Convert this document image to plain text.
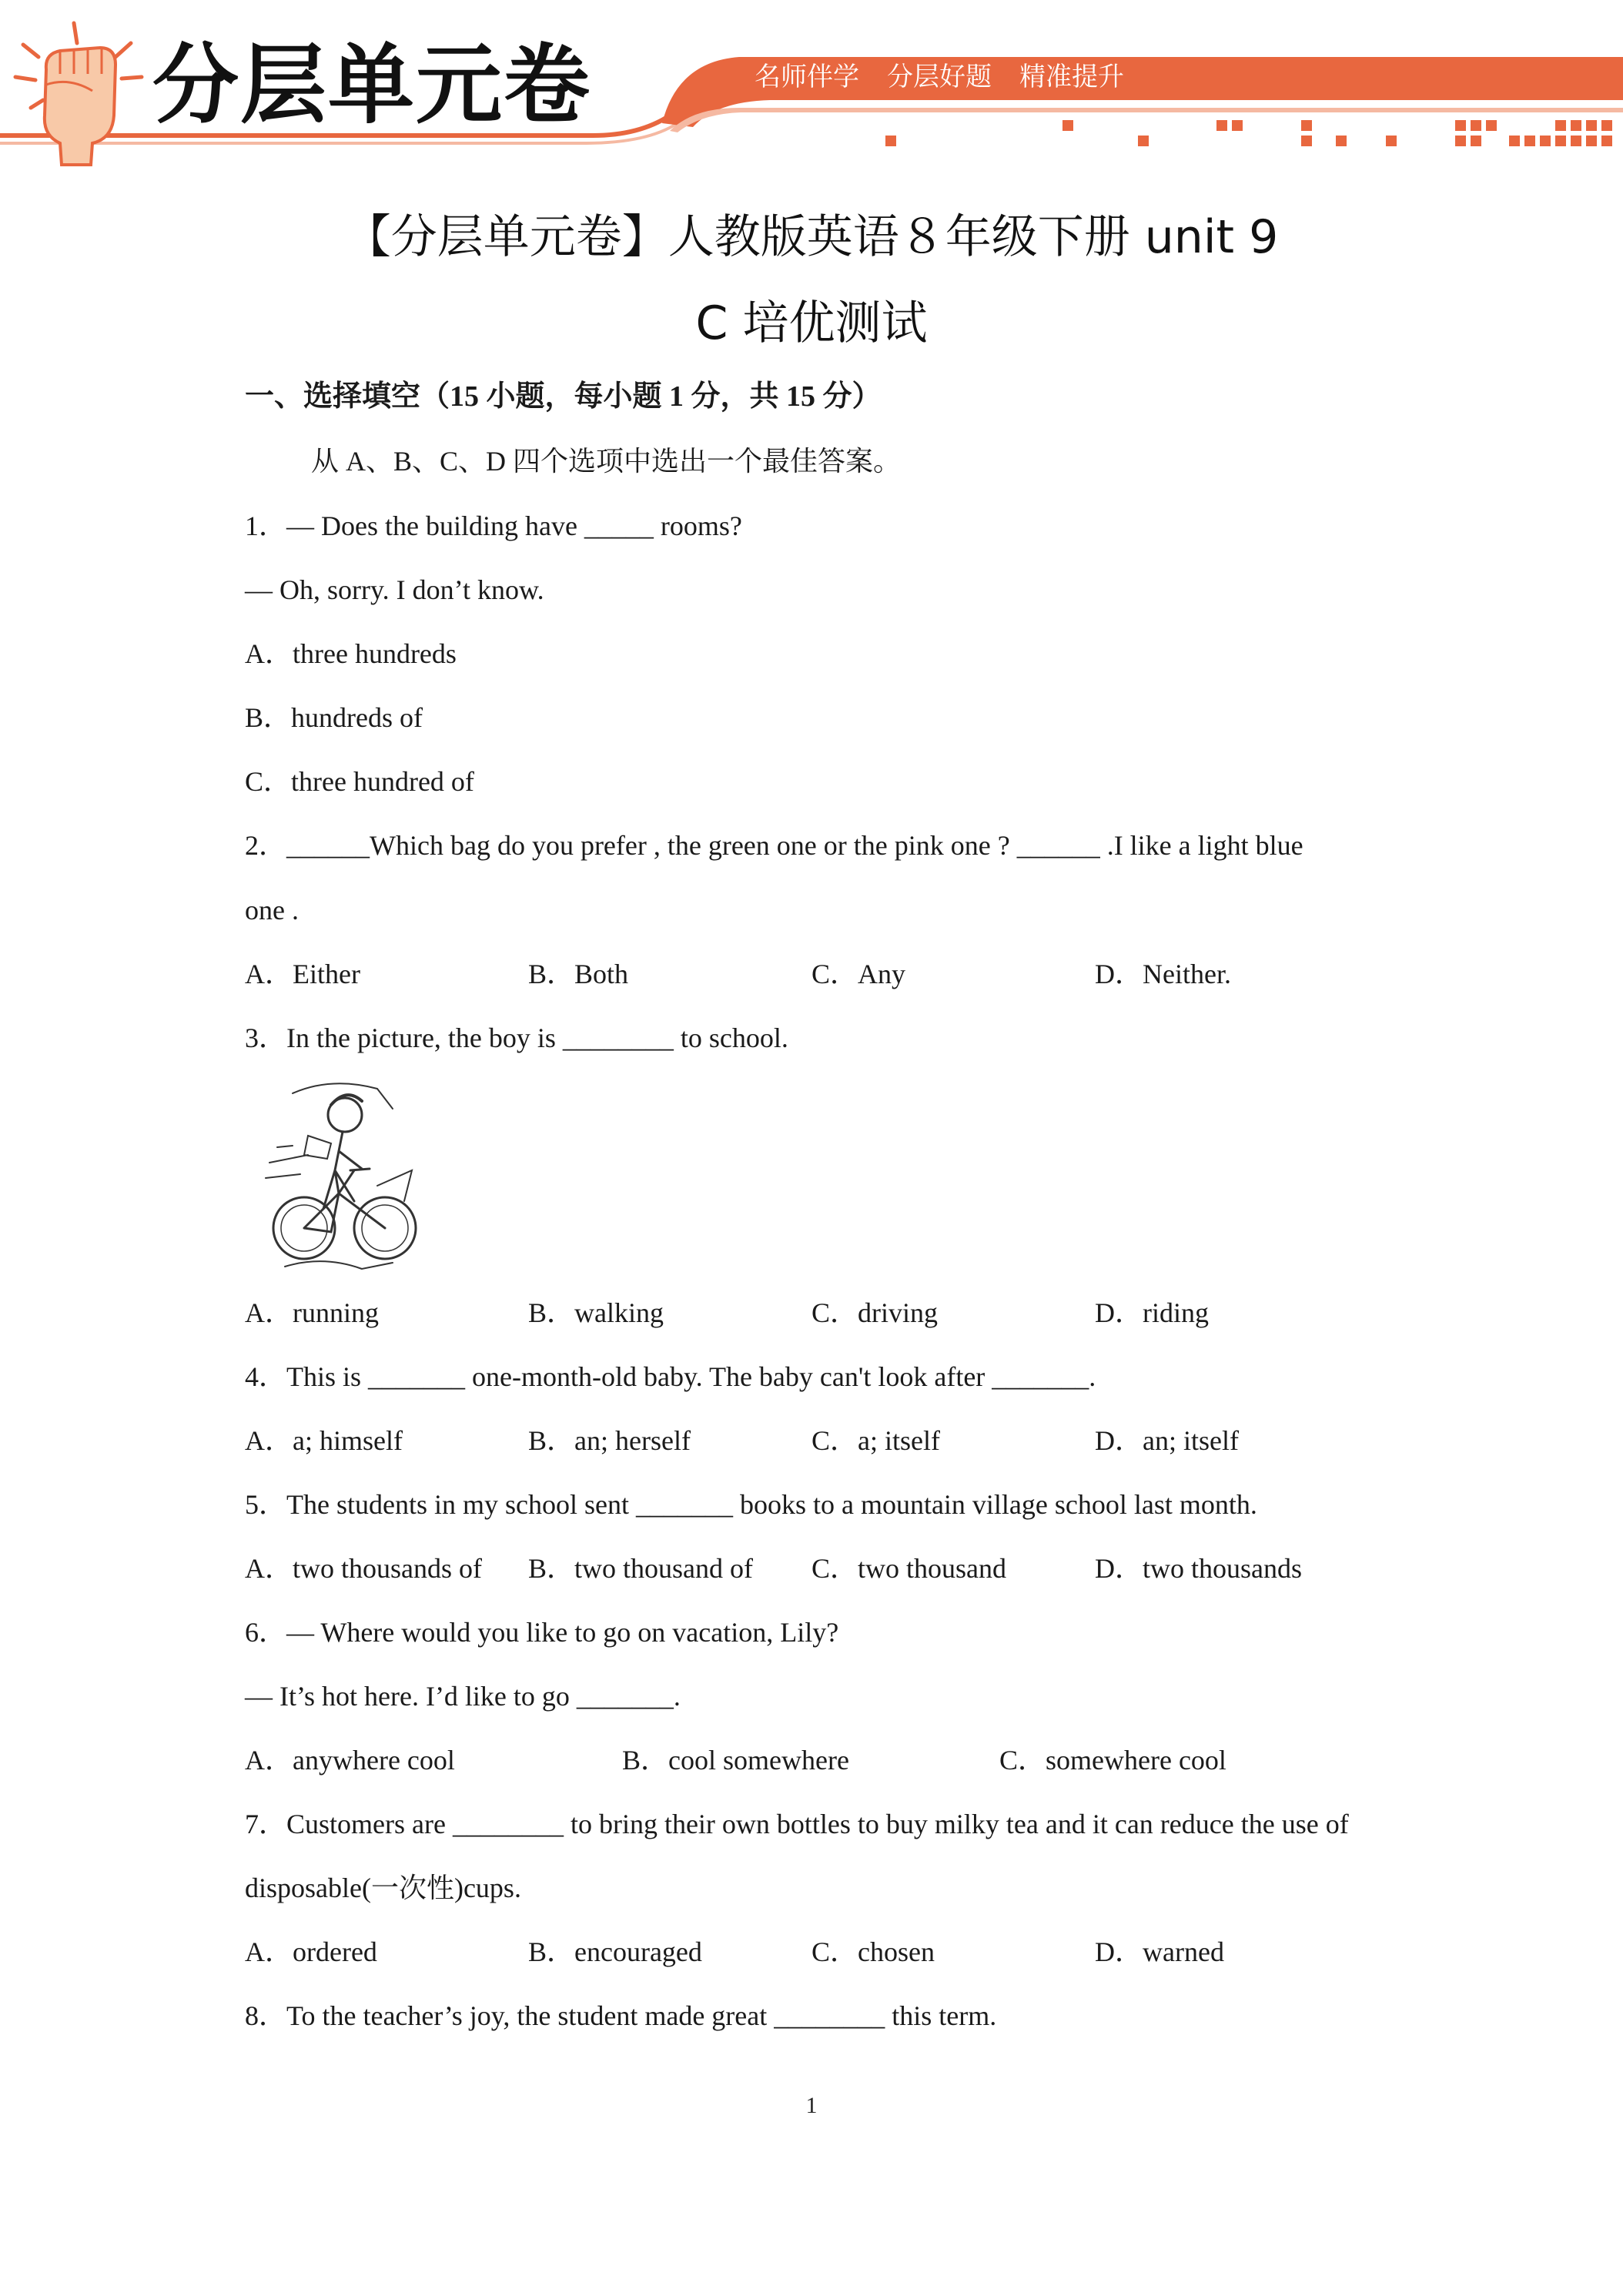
分层单元卷	名师伴学 分层好题 精准提升
【分层单元卷】人教版英语８年级下册 unit 9
C 培优测试
一、选择填空（15 小题，每小题 1 分，共 15 分）
从 A、B、C、D 四个选项中选出一个最佳答案。
1．— Does the building have _____ rooms?
— Oh, sorry. I don’t know.
A．three hundreds
B．hundreds of
C．three hundred of
2．______Which bag do you prefer , the green one or the pink one ? ______ .I like a light blue
one .
A．Either	B．Both	C．Any	D．Neither.
3．In the picture, the boy is ________ to school.
A．running	B．walking	C．driving	D．riding
4．This is _______ one-month-old baby. The baby can't look after _______.
A．a; himself	B．an; herself	C．a; itself	D．an; itself
5．The students in my school sent _______ books to a mountain village school last month.
A．two thousands of B．two thousand of C．two thousand	D．two thousands
6．— Where would you like to go on vacation, Lily?
— It’s hot here. I’d like to go _______.
A．anywhere cool	B．cool somewhere	C．somewhere cool
7．Customers are ________ to bring their own bottles to buy milky tea and it can reduce the use of
disposable(一次性)cups.
A．ordered	B．encouraged	C．chosen	D．warned
8．To the teacher’s joy, the student made great ________ this term.
1
